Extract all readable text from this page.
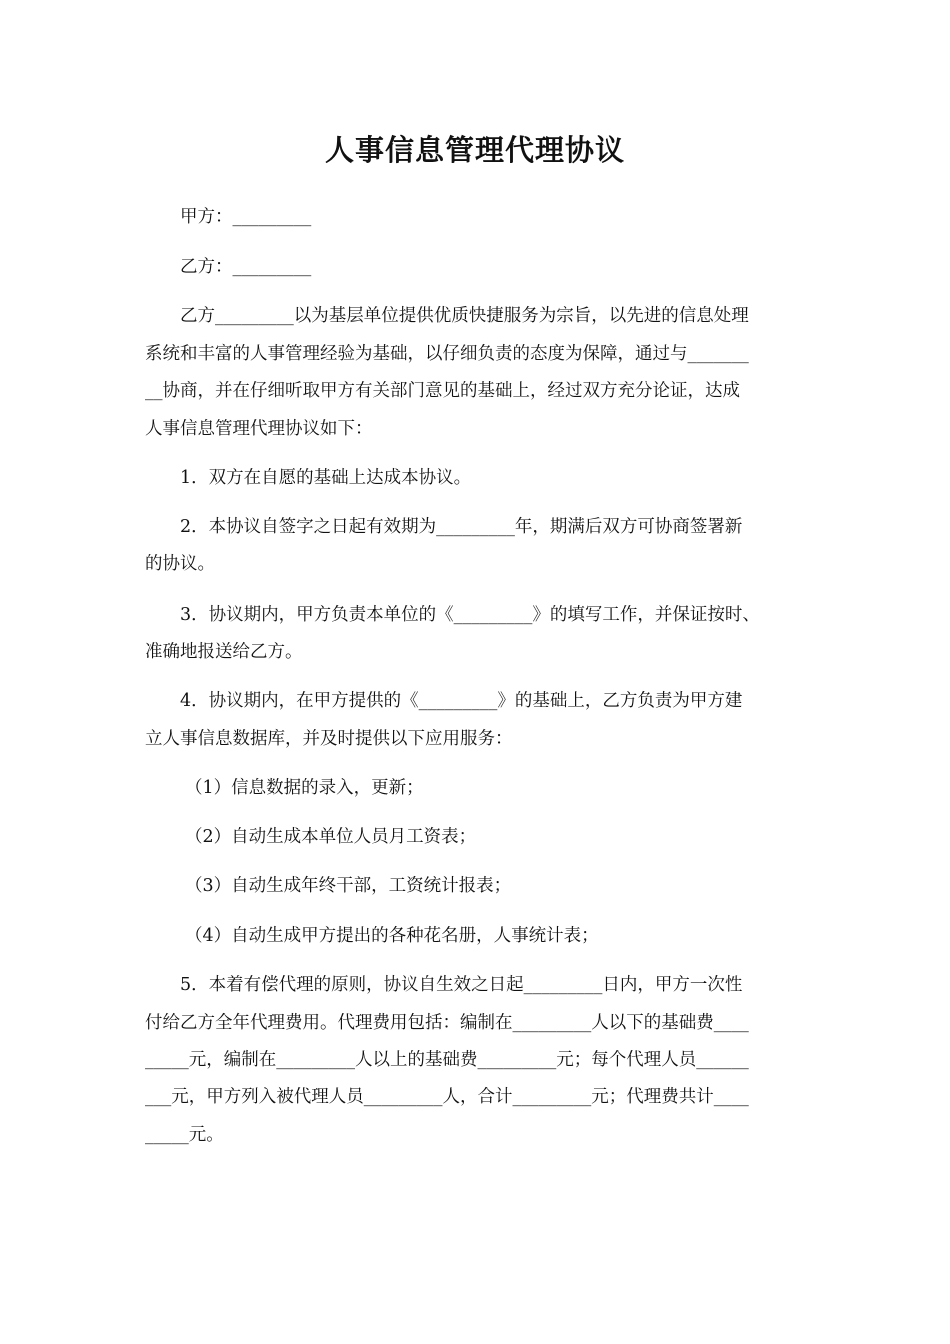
人事信息管理代理协议
甲方：_________
乙方：_________
乙方_________以为基层单位提供优质快捷服务为宗旨，以先进的信息处理
系统和丰富的人事管理经验为基础，以仔细负责的态度为保障，通过与_______
__协商，并在仔细听取甲方有关部门意见的基础上，经过双方充分论证，达成
人事信息管理代理协议如下：
1．双方在自愿的基础上达成本协议。
2．本协议自签字之日起有效期为_________年，期满后双方可协商签署新
的协议。
3．协议期内，甲方负责本单位的《_________》的填写工作，并保证按时、
准确地报送给乙方。
4．协议期内，在甲方提供的《_________》的基础上，乙方负责为甲方建
立人事信息数据库，并及时提供以下应用服务：
（1）信息数据的录入，更新；
（2）自动生成本单位人员月工资表；
（3）自动生成年终干部，工资统计报表；
（4）自动生成甲方提出的各种花名册，人事统计表；
5．本着有偿代理的原则，协议自生效之日起_________日内，甲方一次性
付给乙方全年代理费用。代理费用包括：编制在_________人以下的基础费____
_____元，编制在_________人以上的基础费_________元；每个代理人员______
___元，甲方列入被代理人员_________人，合计_________元；代理费共计____
_____元。
